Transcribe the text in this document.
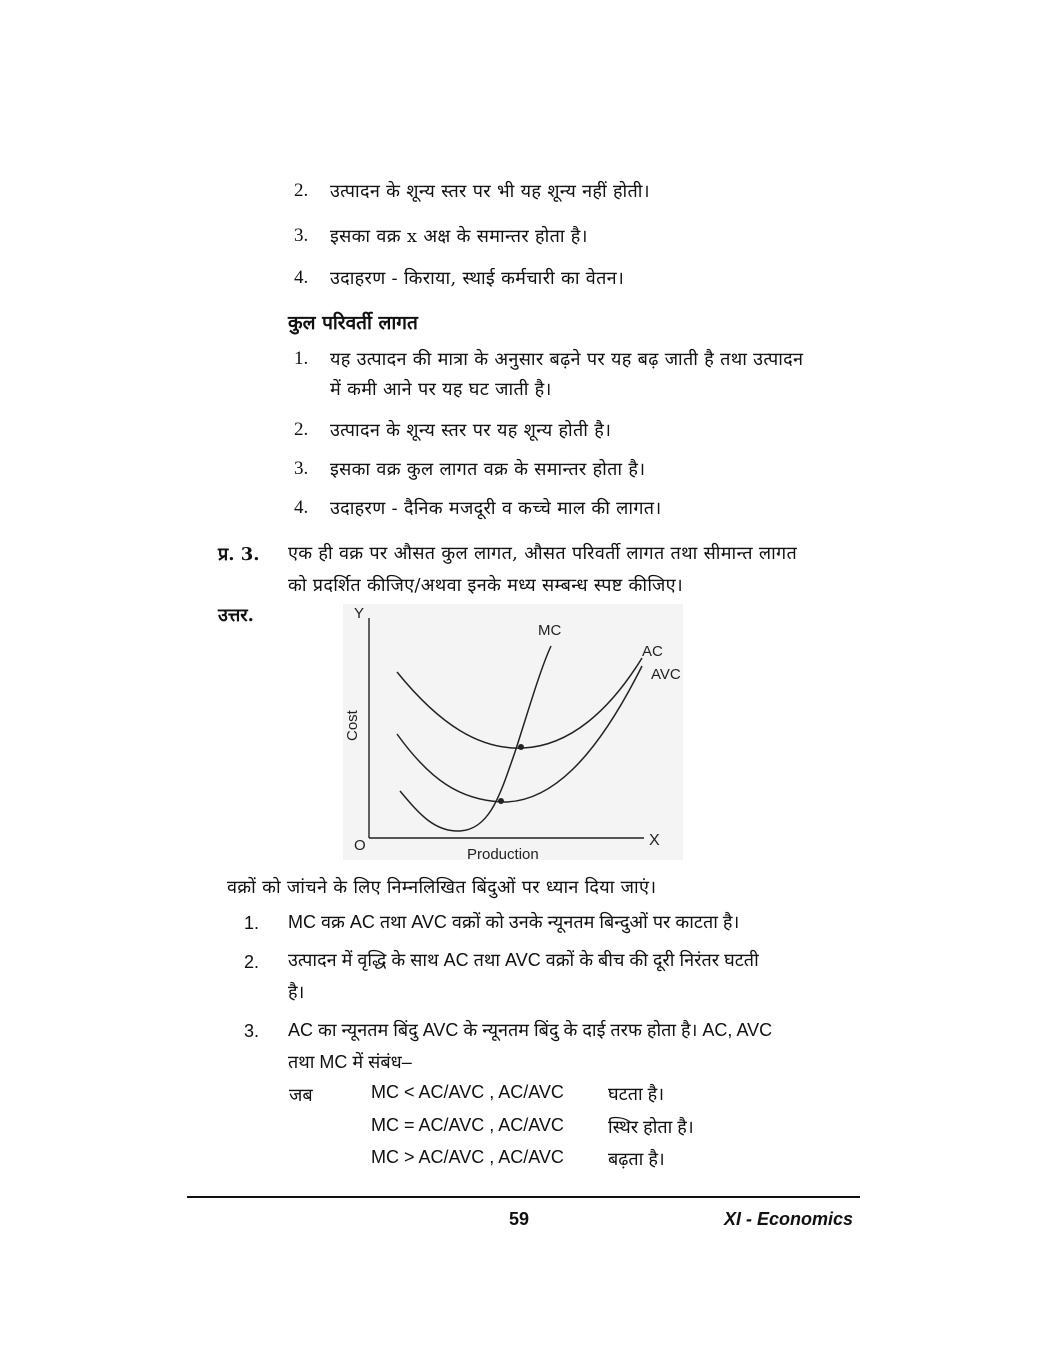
2. उत्पादन के शून्य स्तर पर भी यह शून्य नहीं होती।
3. इसका वक्र x अक्ष के समान्तर होता है।
4. उदाहरण - किराया, स्थाई कर्मचारी का वेतन।
कुल परिवर्ती लागत
1. यह उत्पादन की मात्रा के अनुसार बढ़ने पर यह बढ़ जाती है तथा उत्पादन
में कमी आने पर यह घट जाती है।
2. उत्पादन के शून्य स्तर पर यह शून्य होती है।
3. इसका वक्र कुल लागत वक्र के समान्तर होता है।
4. उदाहरण - दैनिक मजदूरी व कच्चे माल की लागत।
प्र. 3. एक ही वक्र पर औसत कुल लागत, औसत परिवर्ती लागत तथा सीमान्त लागत
को प्रदर्शित कीजिए/अथवा इनके मध्य सम्बन्ध स्पष्ट कीजिए।
उत्तर.	Y
X
O
Cost
Production
MC
AC
AVC
वक्रों को जांचने के लिए निम्नलिखित बिंदुओं पर ध्यान दिया जाएं।
1. MC वक्र AC तथा AVC वक्रों को उनके न्यूनतम बिन्दुओं पर काटता है।
2. उत्पादन में वृद्धि के साथ AC तथा AVC वक्रों के बीच की दूरी निरंतर घटती
है।
3. AC का न्यूनतम बिंदु AVC के न्यूनतम बिंदु के दाई तरफ होता है। AC, AVC
तथा MC में संबंध–
जब	MC < AC/AVC , AC/AVC घटता है।
MC = AC/AVC , AC/AVC स्थिर होता है।
MC > AC/AVC , AC/AVC बढ़ता है।
59	XI - Economics
